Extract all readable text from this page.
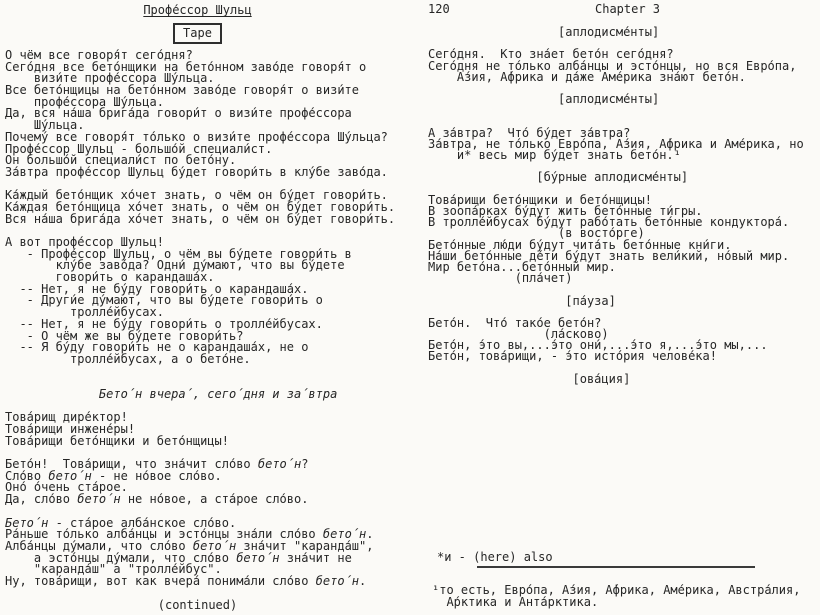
Профе́ссор Шульц
Tape
О чём все говоря́т сего́дня?
Сего́дня все бето́нщики на бето́нном заво́де говоря́т о
визи́те профе́ссора Шу́льца.
Все бето́нщицы на бето́нном заво́де говоря́т о визи́те
профе́ссора Шу́льца.
Да, вся на́ша брига́да говори́т о визи́те профе́ссора
Шу́льца.
Почему́ все говоря́т то́лько о визи́те профе́ссора Шу́льца?
Профе́ссор Шульц - большо́й специали́ст.
Он большо́й специали́ст по бето́ну.
За́втра профе́ссор Шульц бу́дет говори́ть в клу́бе заво́да.
Ка́ждый бето́нщик хо́чет знать, о чём он бу́дет говори́ть.
Ка́ждая бето́нщица хо́чет знать, о чём он бу́дет говори́ть.
Вся на́ша брига́да хо́чет знать, о чём он бу́дет говори́ть.
А вот профе́ссор Шульц!
- Профе́ссор Шульц, о чём вы бу́дете говори́ть в
клу́бе заво́да? Одни́ ду́мают, что вы бу́дете
говори́ть о карандаша́х.
-- Нет, я не бу́ду говори́ть о карандаша́х.
- Други́е ду́мают, что вы бу́дете говори́ть о
тролле́йбусах.
-- Нет, я не бу́ду говори́ть о тролле́йбусах.
- О чём же вы бу́дете говори́ть?
-- Я бу́ду говори́ть не о карандаша́х, не о
тролле́йбусах, а о бето́не.
Бето́н вчера́, сего́дня и за́втра
Това́рищ дире́ктор!
Това́рищи инжене́ры!
Това́рищи бето́нщики и бето́нщицы!
Бето́н!  Това́рищи, что зна́чит сло́во бето́н?
Сло́во бето́н - не но́вое сло́во.
Оно́ о́чень ста́рое.
Да, сло́во бето́н не но́вое, а ста́рое сло́во.
Бето́н - ста́рое алба́нское сло́во.
Ра́ньше то́лько алба́нцы и эсто́нцы зна́ли сло́во бето́н.
Алба́нцы ду́мали, что сло́во бето́н зна́чит "каранда́ш",
а эсто́нцы ду́мали, что сло́во бето́н зна́чит не
"каранда́ш" а "тролле́йбус".
Ну, това́рищи, вот как вчера́ понима́ли сло́во бето́н.
(continued)
120	Chapter 3
[аплодисме́нты]
Сего́дня.  Кто зна́ет бето́н сего́дня?
Сего́дня не то́лько алба́нцы и эсто́нцы, но вся Евро́па,
А́зия, А́фрика и да́же Аме́рика зна́ют бето́н.
[аплодисме́нты]
А за́втра?  Что́ бу́дет за́втра?
За́втра, не то́лько Евро́па, А́зия, А́фрика и Аме́рика, но
и* весь мир бу́дет знать бето́н.¹
[бу́рные аплодисме́нты]
Това́рищи бето́нщики и бето́нщицы!
В зоопа́рках бу́дут жить бето́нные ти́гры.
В тролле́йбусах бу́дут рабо́тать бето́нные кондуктора́.
(в восто́рге)
Бето́нные лю́ди бу́дут чита́ть бето́нные кни́ги.
На́ши бето́нные де́ти бу́дут знать вели́кий, но́вый мир.
Мир бето́на...бето́нный мир.
(пла́чет)
[па́уза]
Бето́н.  Что́ тако́е бето́н?
(ла́сково)
Бето́н, э́то вы,...э́то они́,...э́то я,...э́то мы,...
Бето́н, това́рищи, - э́то исто́рия челове́ка!
[ова́ция]
*и - (here) also
¹то есть, Евро́па, А́зия, А́фрика, Аме́рика, Австра́лия,
А́рктика и Анта́рктика.
